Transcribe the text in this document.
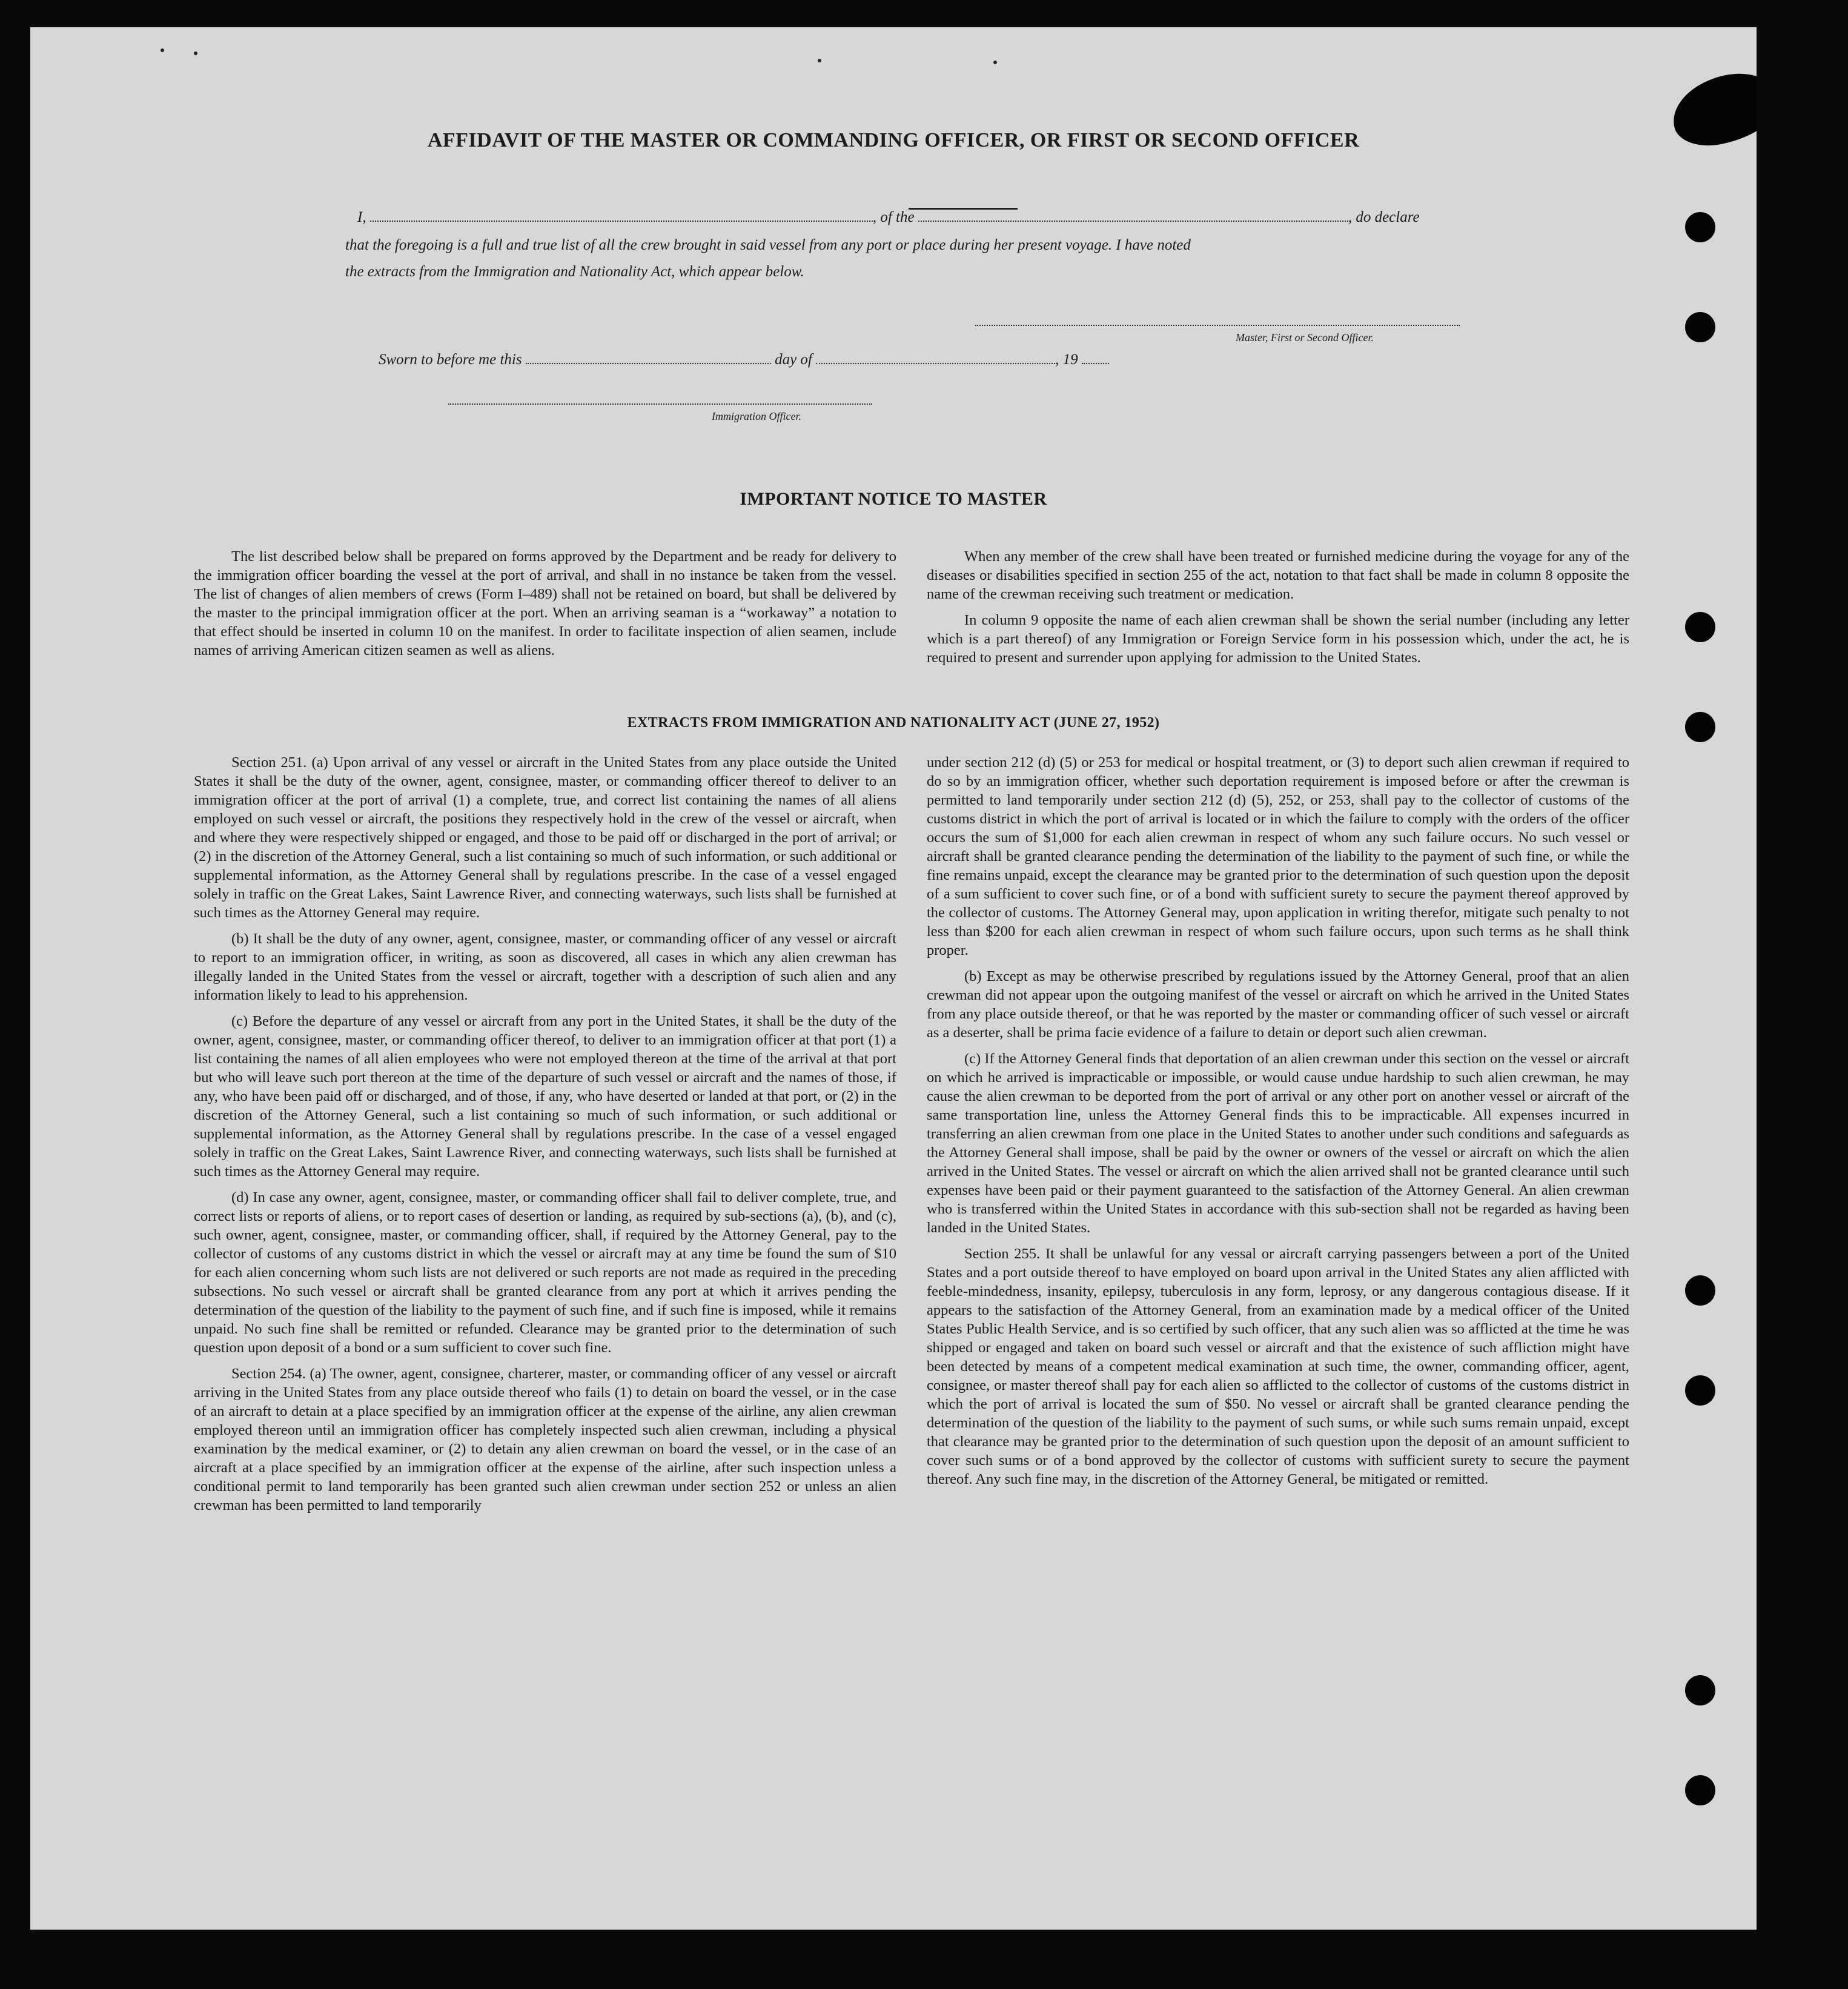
AFFIDAVIT OF THE MASTER OR COMMANDING OFFICER, OR FIRST OR SECOND OFFICER
I,	, of the	, do declare
that the foregoing is a full and true list of all the crew brought in said vessel from any port or place during her present voyage. I have noted
the extracts from the Immigration and Nationality Act, which appear below.
Master, First or Second Officer.
Sworn to before me this	day of	, 19
Immigration Officer.
IMPORTANT NOTICE TO MASTER

The list described below shall be prepared on forms approved by the Department and be ready for delivery to the immigration officer boarding the vessel at the port of arrival, and shall in no instance be taken from the vessel. The list of changes of alien members of crews (Form I–489) shall not be retained on board, but shall be delivered by the master to the principal immigration officer at the port. When an arriving seaman is a “workaway” a notation to that effect should be inserted in column 10 on the manifest. In order to facilitate inspection of alien seamen, include names of arriving American citizen seamen as well as aliens.

When any member of the crew shall have been treated or furnished medicine during the voyage for any of the diseases or disabilities specified in section 255 of the act, notation to that fact shall be made in column 8 opposite the name of the crewman receiving such treatment or medication.

In column 9 opposite the name of each alien crewman shall be shown the serial number (including any letter which is a part thereof) of any Immigration or Foreign Service form in his possession which, under the act, he is required to present and surrender upon applying for admission to the United States.

EXTRACTS FROM IMMIGRATION AND NATIONALITY ACT (JUNE 27, 1952)

Section 251. (a) Upon arrival of any vessel or aircraft in the United States from any place outside the United States it shall be the duty of the owner, agent, consignee, master, or commanding officer thereof to deliver to an immigration officer at the port of arrival (1) a complete, true, and correct list containing the names of all aliens employed on such vessel or aircraft, the positions they respectively hold in the crew of the vessel or aircraft, when and where they were respectively shipped or engaged, and those to be paid off or discharged in the port of arrival; or (2) in the discretion of the Attorney General, such a list containing so much of such information, or such additional or supplemental information, as the Attorney General shall by regulations prescribe. In the case of a vessel engaged solely in traffic on the Great Lakes, Saint Lawrence River, and connecting waterways, such lists shall be furnished at such times as the Attorney General may require.

(b) It shall be the duty of any owner, agent, consignee, master, or commanding officer of any vessel or aircraft to report to an immigration officer, in writing, as soon as discovered, all cases in which any alien crewman has illegally landed in the United States from the vessel or aircraft, together with a description of such alien and any information likely to lead to his apprehension.

(c) Before the departure of any vessel or aircraft from any port in the United States, it shall be the duty of the owner, agent, consignee, master, or commanding officer thereof, to deliver to an immigration officer at that port (1) a list containing the names of all alien employees who were not employed thereon at the time of the arrival at that port but who will leave such port thereon at the time of the departure of such vessel or aircraft and the names of those, if any, who have been paid off or discharged, and of those, if any, who have deserted or landed at that port, or (2) in the discretion of the Attorney General, such a list containing so much of such information, or such additional or supplemental information, as the Attorney General shall by regulations prescribe. In the case of a vessel engaged solely in traffic on the Great Lakes, Saint Lawrence River, and connecting waterways, such lists shall be furnished at such times as the Attorney General may require.

(d) In case any owner, agent, consignee, master, or commanding officer shall fail to deliver complete, true, and correct lists or reports of aliens, or to report cases of desertion or landing, as required by sub-sections (a), (b), and (c), such owner, agent, consignee, master, or commanding officer, shall, if required by the Attorney General, pay to the collector of customs of any customs district in which the vessel or aircraft may at any time be found the sum of $10 for each alien concerning whom such lists are not delivered or such reports are not made as required in the preceding subsections. No such vessel or aircraft shall be granted clearance from any port at which it arrives pending the determination of the question of the liability to the payment of such fine, and if such fine is imposed, while it remains unpaid. No such fine shall be remitted or refunded. Clearance may be granted prior to the determination of such question upon deposit of a bond or a sum sufficient to cover such fine.

Section 254. (a) The owner, agent, consignee, charterer, master, or commanding officer of any vessel or aircraft arriving in the United States from any place outside thereof who fails (1) to detain on board the vessel, or in the case of an aircraft to detain at a place specified by an immigration officer at the expense of the airline, any alien crewman employed thereon until an immigration officer has completely inspected such alien crewman, including a physical examination by the medical examiner, or (2) to detain any alien crewman on board the vessel, or in the case of an aircraft at a place specified by an immigration officer at the expense of the airline, after such inspection unless a conditional permit to land temporarily has been granted such alien crewman under section 252 or unless an alien crewman has been permitted to land temporarily

under section 212 (d) (5) or 253 for medical or hospital treatment, or (3) to deport such alien crewman if required to do so by an immigration officer, whether such deportation requirement is imposed before or after the crewman is permitted to land temporarily under section 212 (d) (5), 252, or 253, shall pay to the collector of customs of the customs district in which the port of arrival is located or in which the failure to comply with the orders of the officer occurs the sum of $1,000 for each alien crewman in respect of whom any such failure occurs. No such vessel or aircraft shall be granted clearance pending the determination of the liability to the payment of such fine, or while the fine remains unpaid, except the clearance may be granted prior to the determination of such question upon the deposit of a sum sufficient to cover such fine, or of a bond with sufficient surety to secure the payment thereof approved by the collector of customs. The Attorney General may, upon application in writing therefor, mitigate such penalty to not less than $200 for each alien crewman in respect of whom such failure occurs, upon such terms as he shall think proper.

(b) Except as may be otherwise prescribed by regulations issued by the Attorney General, proof that an alien crewman did not appear upon the outgoing manifest of the vessel or aircraft on which he arrived in the United States from any place outside thereof, or that he was reported by the master or commanding officer of such vessel or aircraft as a deserter, shall be prima facie evidence of a failure to detain or deport such alien crewman.

(c) If the Attorney General finds that deportation of an alien crewman under this section on the vessel or aircraft on which he arrived is impracticable or impossible, or would cause undue hardship to such alien crewman, he may cause the alien crewman to be deported from the port of arrival or any other port on another vessel or aircraft of the same transportation line, unless the Attorney General finds this to be impracticable. All expenses incurred in transferring an alien crewman from one place in the United States to another under such conditions and safeguards as the Attorney General shall impose, shall be paid by the owner or owners of the vessel or aircraft on which the alien arrived in the United States. The vessel or aircraft on which the alien arrived shall not be granted clearance until such expenses have been paid or their payment guaranteed to the satisfaction of the Attorney General. An alien crewman who is transferred within the United States in accordance with this sub-section shall not be regarded as having been landed in the United States.

Section 255. It shall be unlawful for any vessal or aircraft carrying passengers between a port of the United States and a port outside thereof to have employed on board upon arrival in the United States any alien afflicted with feeble-mindedness, insanity, epilepsy, tuberculosis in any form, leprosy, or any dangerous contagious disease. If it appears to the satisfaction of the Attorney General, from an examination made by a medical officer of the United States Public Health Service, and is so certified by such officer, that any such alien was so afflicted at the time he was shipped or engaged and taken on board such vessel or aircraft and that the existence of such affliction might have been detected by means of a competent medical examination at such time, the owner, commanding officer, agent, consignee, or master thereof shall pay for each alien so afflicted to the collector of customs of the customs district in which the port of arrival is located the sum of $50. No vessel or aircraft shall be granted clearance pending the determination of the question of the liability to the payment of such sums, or while such sums remain unpaid, except that clearance may be granted prior to the determination of such question upon the deposit of an amount sufficient to cover such sums or of a bond approved by the collector of customs with sufficient surety to secure the payment thereof. Any such fine may, in the discretion of the Attorney General, be mitigated or remitted.
